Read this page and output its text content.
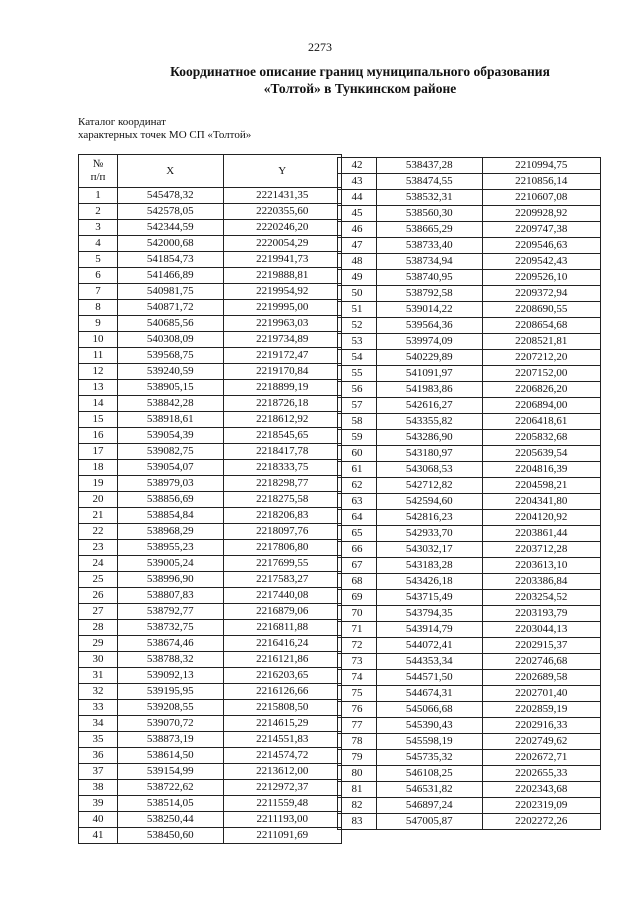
2273
Координатное описание границ муниципального образования
«Толтой» в Тункинском районе
Каталог координат
характерных точек МО СП «Толтой»
№
п/п	X	Y
1	545478,32	2221431,35
2	542578,05	2220355,60
3	542344,59	2220246,20
4	542000,68	2220054,29
5	541854,73	2219941,73
6	541466,89	2219888,81
7	540981,75	2219954,92
8	540871,72	2219995,00
9	540685,56	2219963,03
10	540308,09	2219734,89
11	539568,75	2219172,47
12	539240,59	2219170,84
13	538905,15	2218899,19
14	538842,28	2218726,18
15	538918,61	2218612,92
16	539054,39	2218545,65
17	539082,75	2218417,78
18	539054,07	2218333,75
19	538979,03	2218298,77
20	538856,69	2218275,58
21	538854,84	2218206,83
22	538968,29	2218097,76
23	538955,23	2217806,80
24	539005,24	2217699,55
25	538996,90	2217583,27
26	538807,83	2217440,08
27	538792,77	2216879,06
28	538732,75	2216811,88
29	538674,46	2216416,24
30	538788,32	2216121,86
31	539092,13	2216203,65
32	539195,95	2216126,66
33	539208,55	2215808,50
34	539070,72	2214615,29
35	538873,19	2214551,83
36	538614,50	2214574,72
37	539154,99	2213612,00
38	538722,62	2212972,37
39	538514,05	2211559,48
40	538250,44	2211193,00
41	538450,60	2211091,69
42	538437,28	2210994,75
43	538474,55	2210856,14
44	538532,31	2210607,08
45	538560,30	2209928,92
46	538665,29	2209747,38
47	538733,40	2209546,63
48	538734,94	2209542,43
49	538740,95	2209526,10
50	538792,58	2209372,94
51	539014,22	2208690,55
52	539564,36	2208654,68
53	539974,09	2208521,81
54	540229,89	2207212,20
55	541091,97	2207152,00
56	541983,86	2206826,20
57	542616,27	2206894,00
58	543355,82	2206418,61
59	543286,90	2205832,68
60	543180,97	2205639,54
61	543068,53	2204816,39
62	542712,82	2204598,21
63	542594,60	2204341,80
64	542816,23	2204120,92
65	542933,70	2203861,44
66	543032,17	2203712,28
67	543183,28	2203613,10
68	543426,18	2203386,84
69	543715,49	2203254,52
70	543794,35	2203193,79
71	543914,79	2203044,13
72	544072,41	2202915,37
73	544353,34	2202746,68
74	544571,50	2202689,58
75	544674,31	2202701,40
76	545066,68	2202859,19
77	545390,43	2202916,33
78	545598,19	2202749,62
79	545735,32	2202672,71
80	546108,25	2202655,33
81	546531,82	2202343,68
82	546897,24	2202319,09
83	547005,87	2202272,26
